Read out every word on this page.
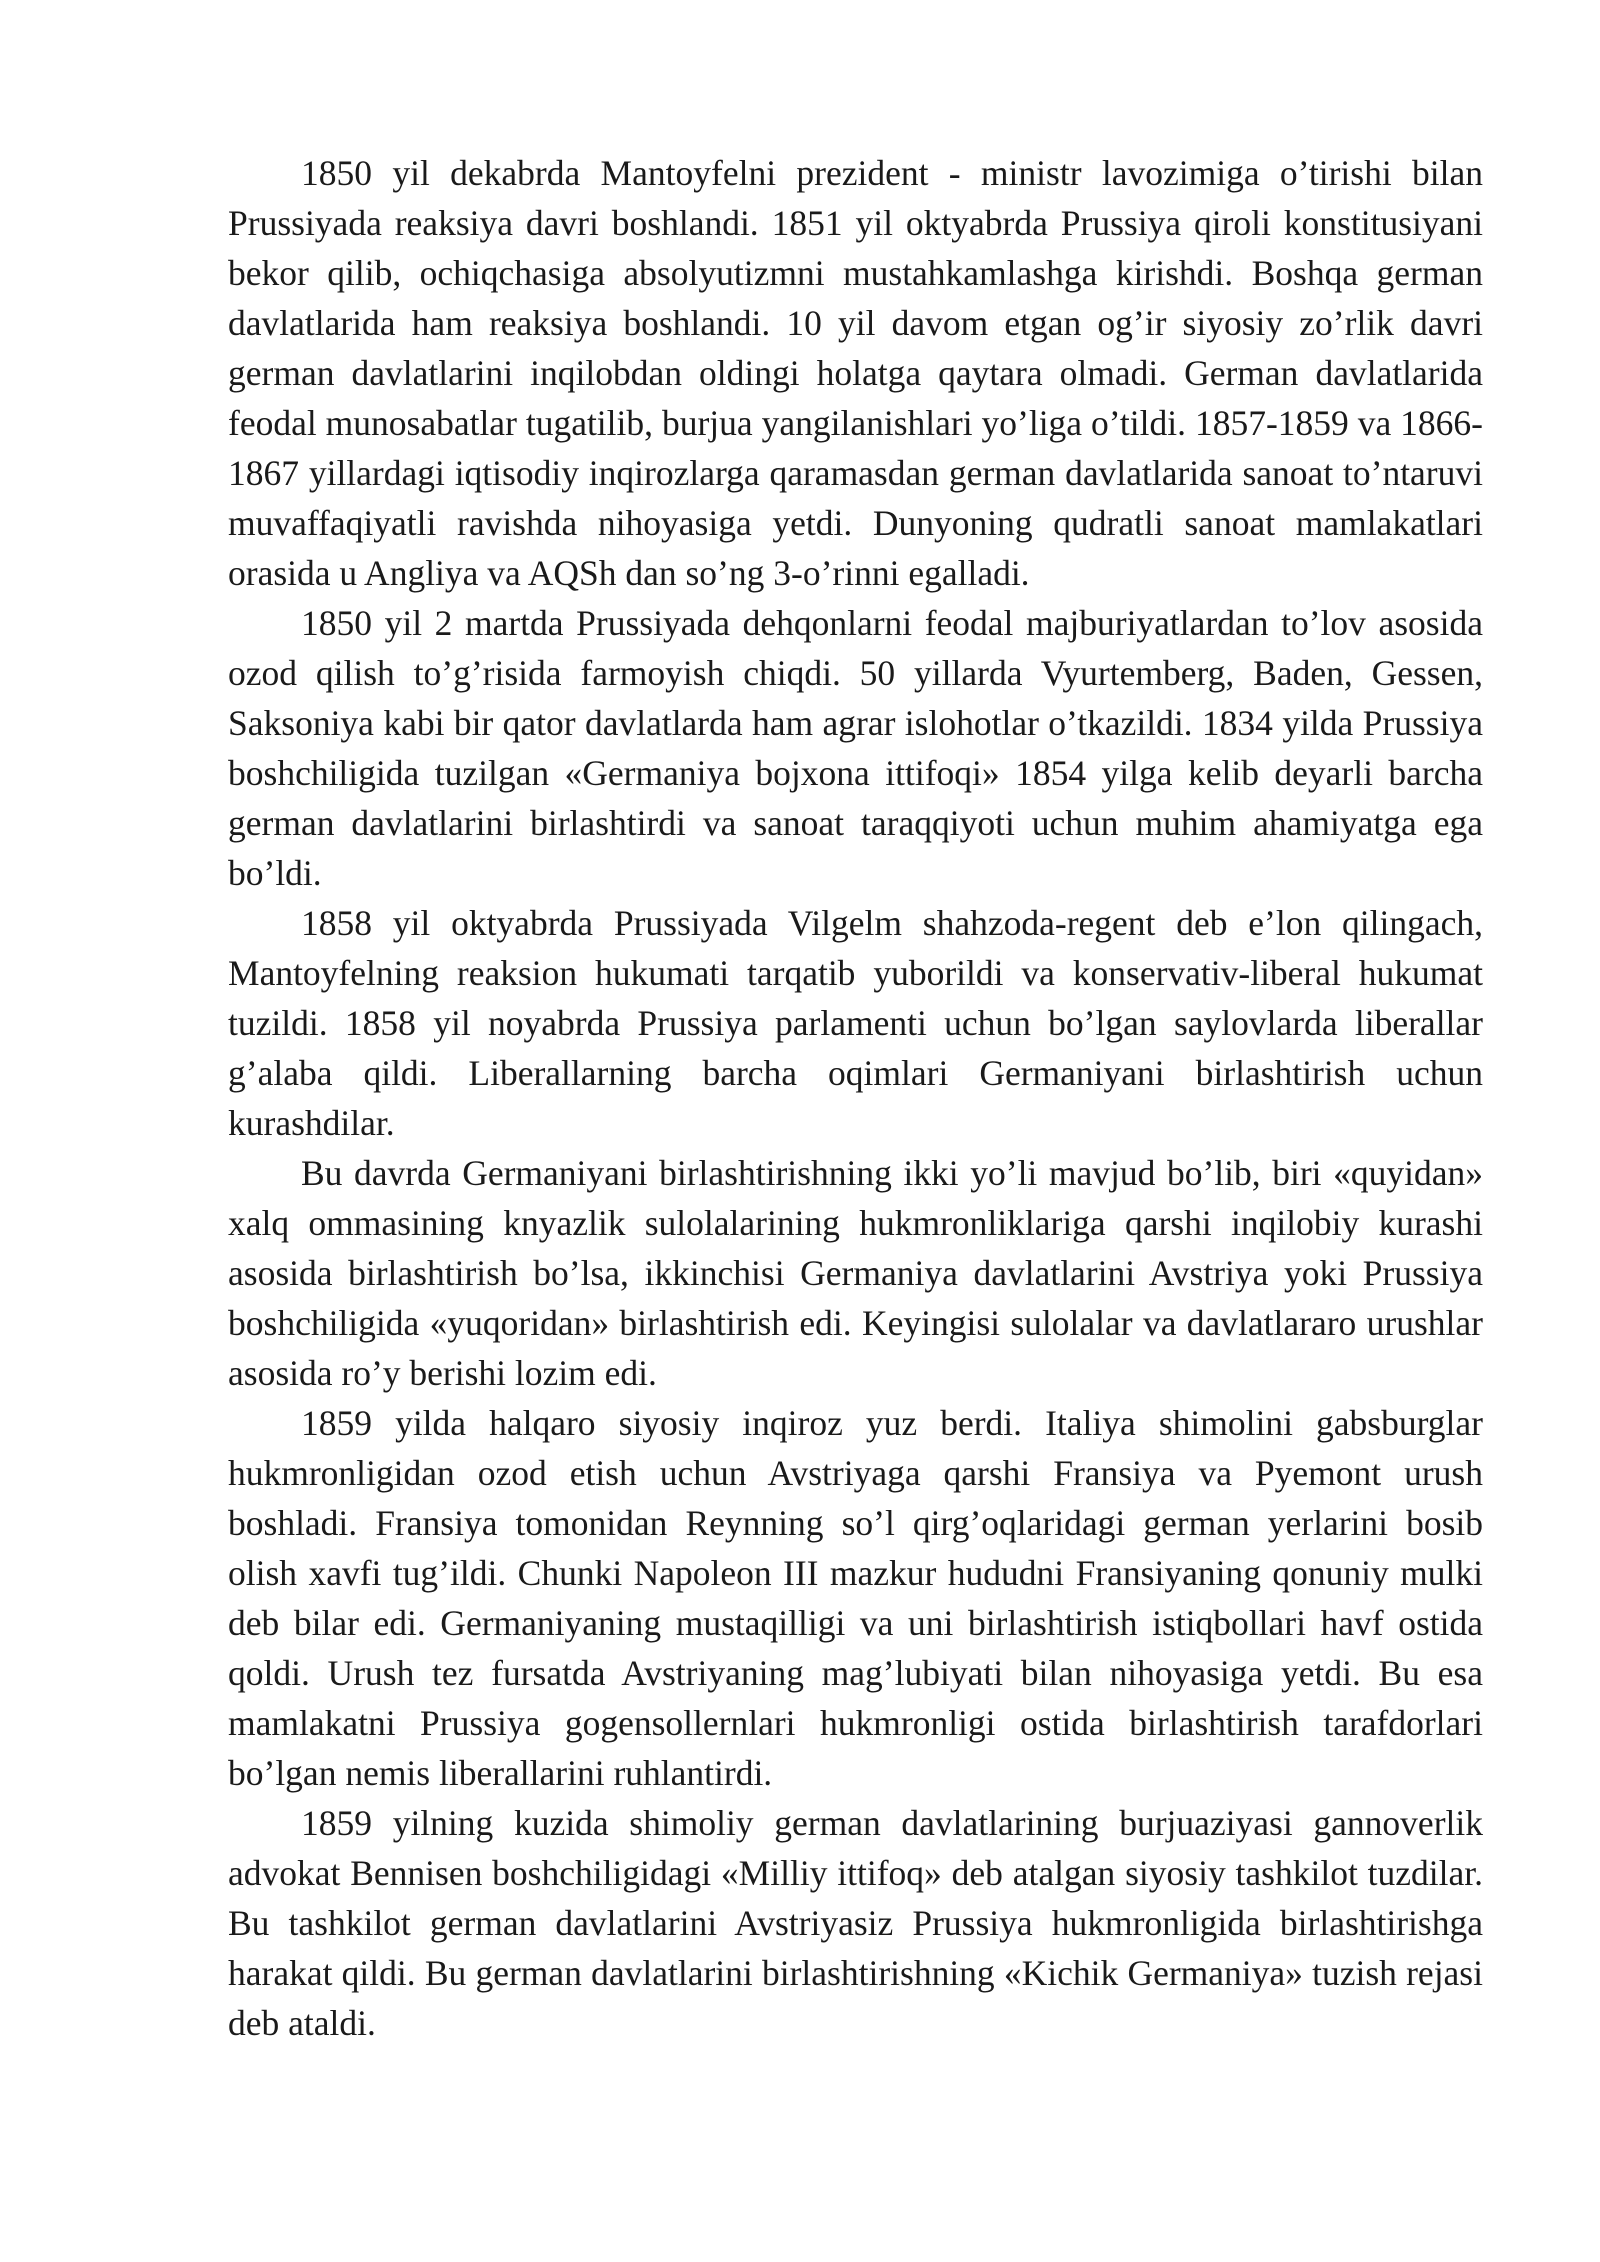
1850 yil dekabrda Mantoyfelni prezident - ministr lavozimiga o’tirishi bilan Prussiyada reaksiya davri boshlandi. 1851 yil oktyabrda Prussiya qiroli konstitusiyani bekor qilib, ochiqchasiga absolyutizmni mustahkamlashga kirishdi. Boshqa german davlatlarida ham reaksiya boshlandi. 10 yil davom etgan og’ir siyosiy zo’rlik davri german davlatlarini inqilobdan oldingi holatga qaytara olmadi. German davlatlarida feodal munosabatlar tugatilib, burjua yangilanishlari yo’liga o’tildi. 1857-1859 va 1866-1867 yillardagi iqtisodiy inqirozlarga qaramasdan german davlatlarida sanoat to’ntaruvi muvaffaqiyatli ravishda nihoyasiga yetdi. Dunyoning qudratli sanoat mamlakatlari orasida u Angliya va AQSh dan so’ng 3-o’rinni egalladi.

1850 yil 2 martda Prussiyada dehqonlarni feodal majburiyatlardan to’lov asosida ozod qilish to’g’risida farmoyish chiqdi. 50 yillarda Vyurtemberg, Baden, Gessen, Saksoniya kabi bir qator davlatlarda ham agrar islohotlar o’tkazildi. 1834 yilda Prussiya boshchiligida tuzilgan «Germaniya bojxona ittifoqi» 1854 yilga kelib deyarli barcha german davlatlarini birlashtirdi va sanoat taraqqiyoti uchun muhim ahamiyatga ega bo’ldi.

1858 yil oktyabrda Prussiyada Vilgelm shahzoda-regent deb e’lon qilingach, Mantoyfelning reaksion hukumati tarqatib yuborildi va konservativ-liberal hukumat tuzildi. 1858 yil noyabrda Prussiya parlamenti uchun bo’lgan saylovlarda liberallar g’alaba qildi. Liberallarning barcha oqimlari Germaniyani birlashtirish uchun kurashdilar.

Bu davrda Germaniyani birlashtirishning ikki yo’li mavjud bo’lib, biri «quyidan» xalq ommasining knyazlik sulolalarining hukmronliklariga qarshi inqilobiy kurashi asosida birlashtirish bo’lsa, ikkinchisi Germaniya davlatlarini Avstriya yoki Prussiya boshchiligida «yuqoridan» birlashtirish edi. Keyingisi sulolalar va davlatlararo urushlar asosida ro’y berishi lozim edi.

1859 yilda halqaro siyosiy inqiroz yuz berdi. Italiya shimolini gabsburglar hukmronligidan ozod etish uchun Avstriyaga qarshi Fransiya va Pyemont urush boshladi. Fransiya tomonidan Reynning so’l qirg’oqlaridagi german yerlarini bosib olish xavfi tug’ildi. Chunki Napoleon III mazkur hududni Fransiyaning qonuniy mulki deb bilar edi. Germaniyaning mustaqilligi va uni birlashtirish istiqbollari havf ostida qoldi. Urush tez fursatda Avstriyaning mag’lubiyati bilan nihoyasiga yetdi. Bu esa mamlakatni Prussiya gogensollernlari hukmronligi ostida birlashtirish tarafdorlari bo’lgan nemis liberallarini ruhlantirdi.

1859 yilning kuzida shimoliy german davlatlarining burjuaziyasi gannoverlik advokat Bennisen boshchiligidagi «Milliy ittifoq» deb atalgan siyosiy tashkilot tuzdilar. Bu tashkilot german davlatlarini Avstriyasiz Prussiya hukmronligida birlashtirishga harakat qildi. Bu german davlatlarini birlashtirishning «Kichik Germaniya» tuzish rejasi deb ataldi.
